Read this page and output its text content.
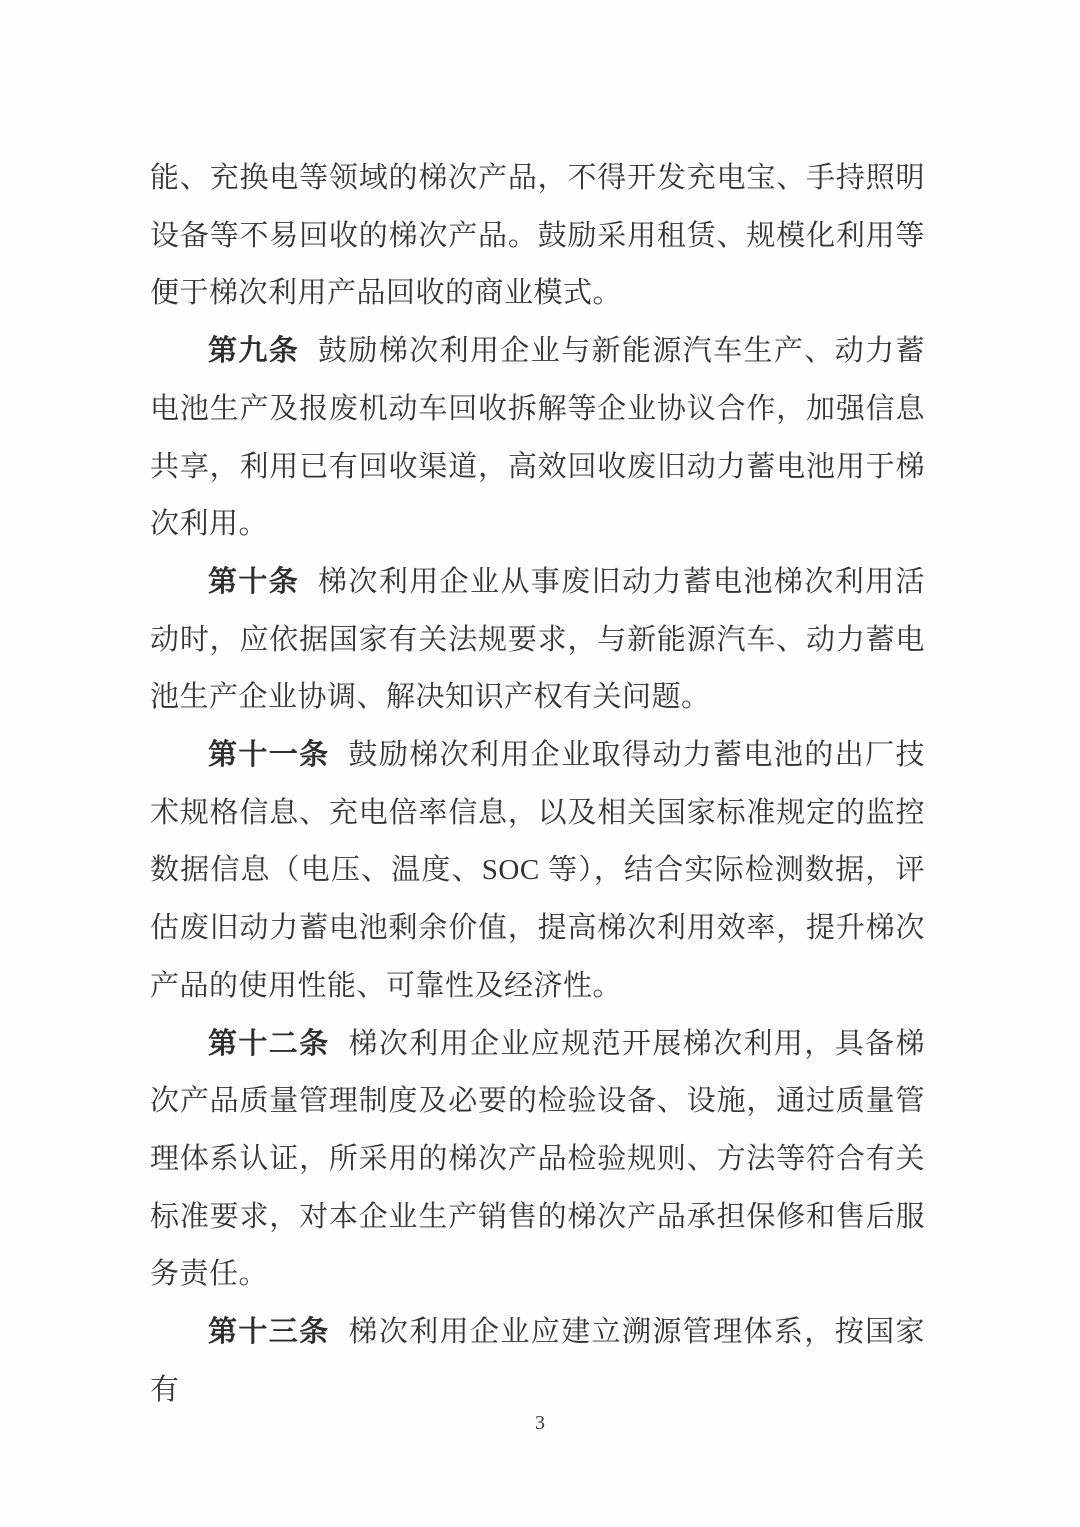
能、充换电等领域的梯次产品，不得开发充电宝、手持照明设备等不易回收的梯次产品。鼓励采用租赁、规模化利用等便于梯次利用产品回收的商业模式。

第九条 鼓励梯次利用企业与新能源汽车生产、动力蓄电池生产及报废机动车回收拆解等企业协议合作，加强信息共享，利用已有回收渠道，高效回收废旧动力蓄电池用于梯次利用。

第十条 梯次利用企业从事废旧动力蓄电池梯次利用活动时，应依据国家有关法规要求，与新能源汽车、动力蓄电池生产企业协调、解决知识产权有关问题。

第十一条 鼓励梯次利用企业取得动力蓄电池的出厂技术规格信息、充电倍率信息，以及相关国家标准规定的监控数据信息（电压、温度、SOC 等），结合实际检测数据，评估废旧动力蓄电池剩余价值，提高梯次利用效率，提升梯次产品的使用性能、可靠性及经济性。

第十二条 梯次利用企业应规范开展梯次利用，具备梯次产品质量管理制度及必要的检验设备、设施，通过质量管理体系认证，所采用的梯次产品检验规则、方法等符合有关标准要求，对本企业生产销售的梯次产品承担保修和售后服务责任。

第十三条 梯次利用企业应建立溯源管理体系，按国家有

3
